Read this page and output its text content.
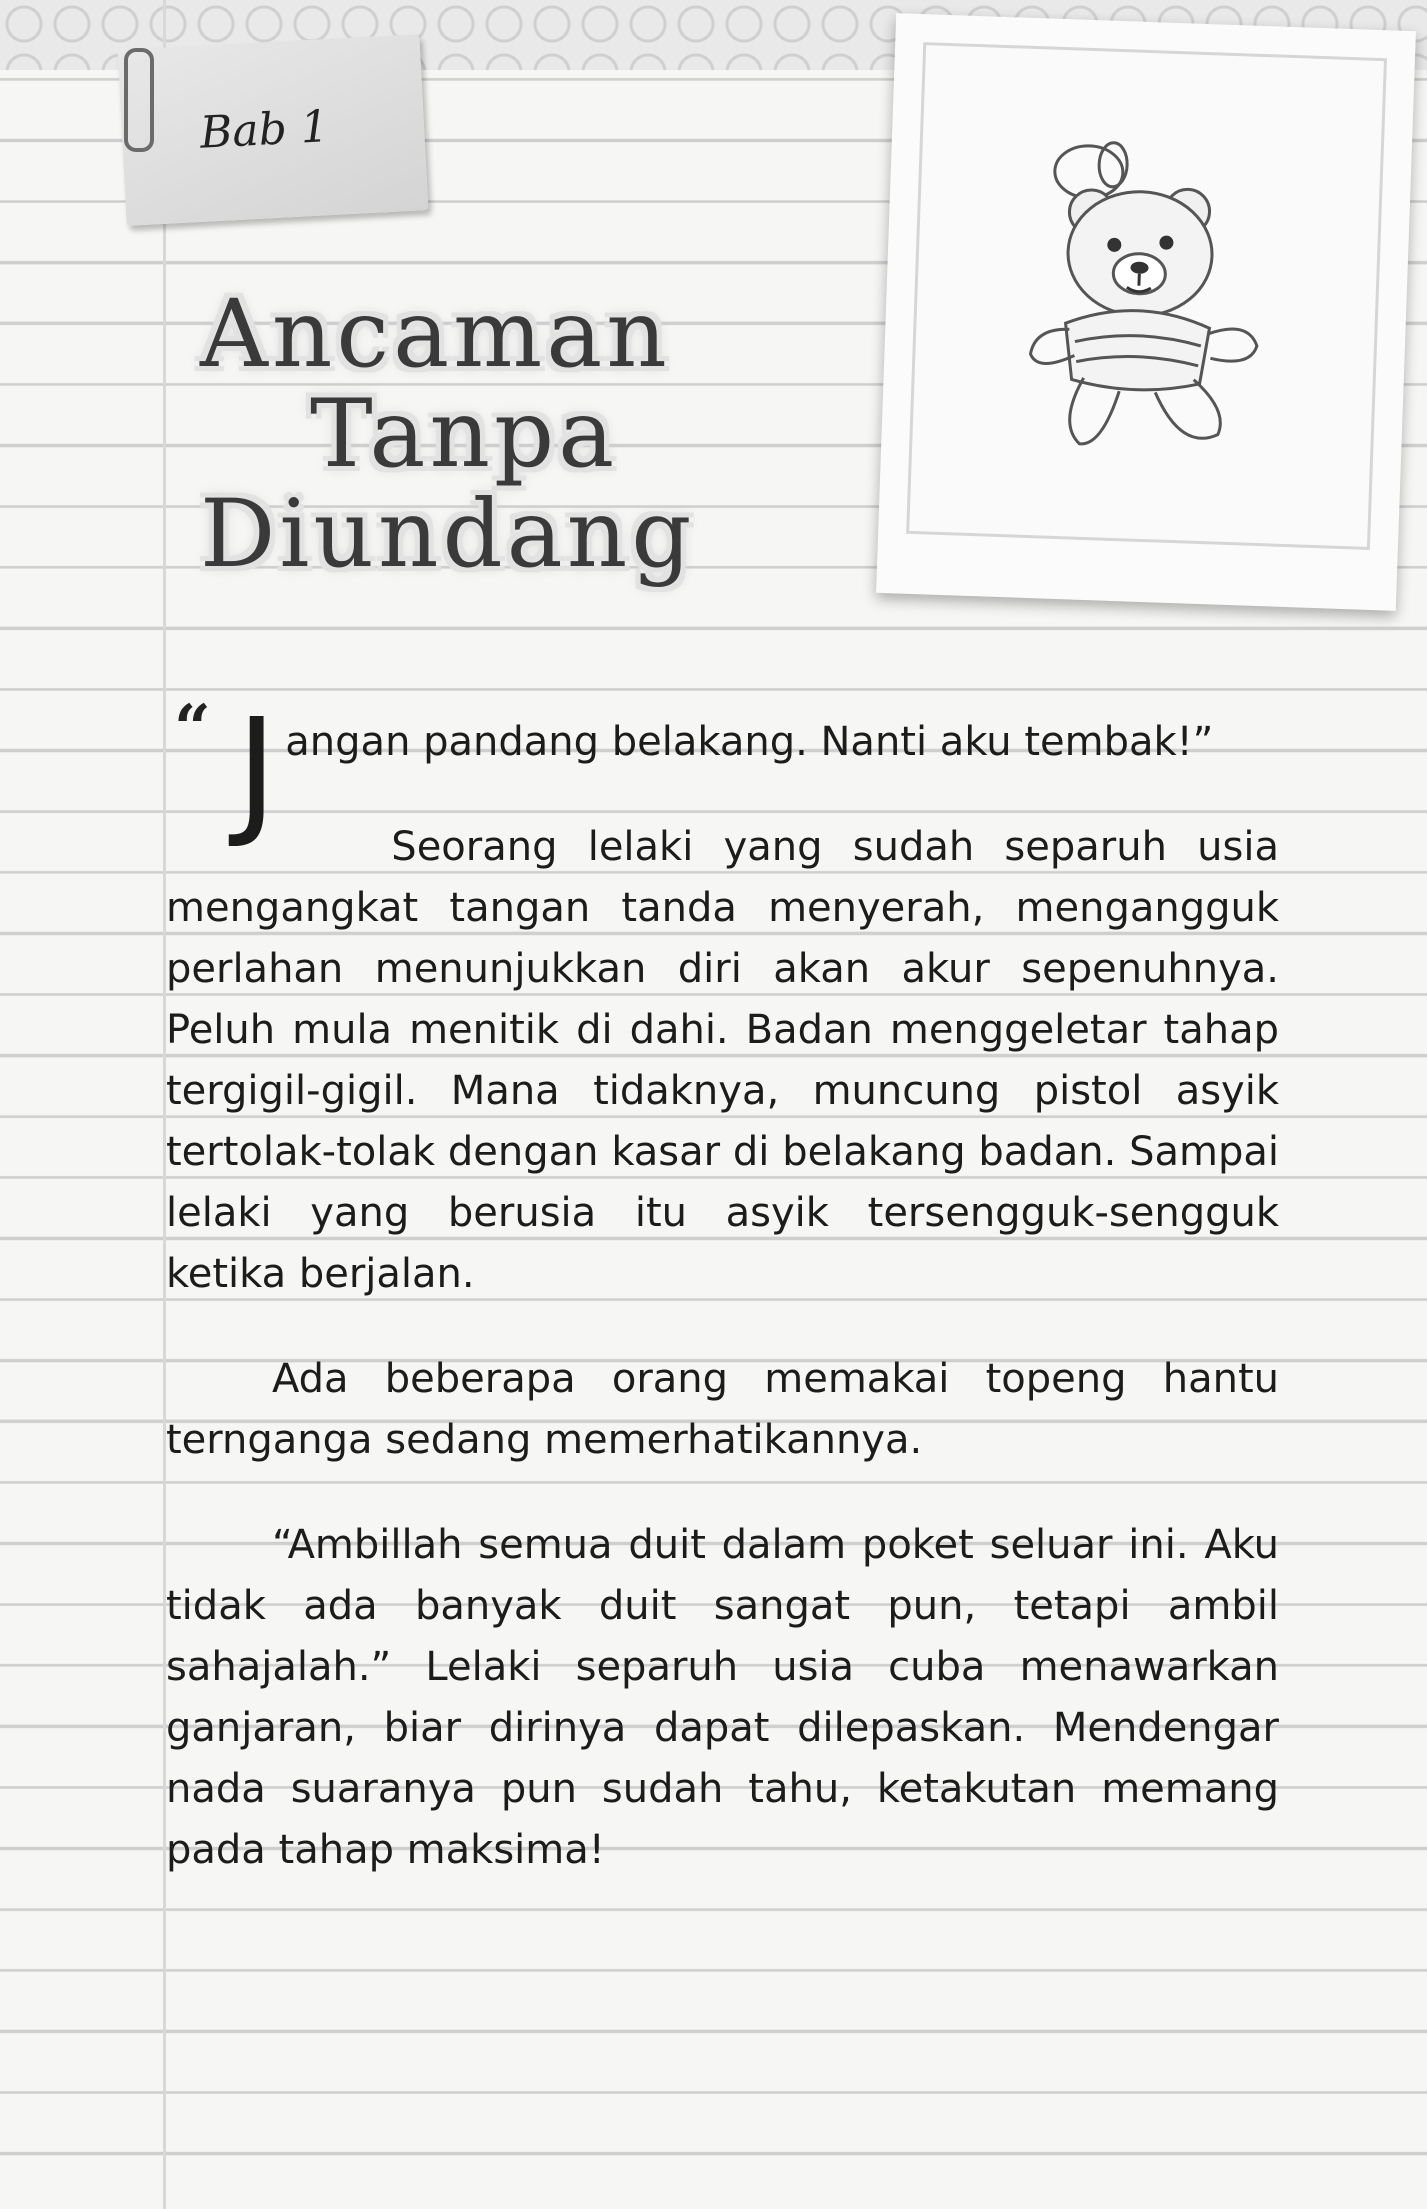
Bab 1
Ancaman
Tanpa
Diundang

“ J angan pandang belakang. Nanti aku tembak!”

Seorang lelaki yang sudah separuh usia mengangkat tangan tanda menyerah, mengangguk perlahan menunjukkan diri akan akur sepenuhnya. Peluh mula menitik di dahi. Badan menggeletar tahap tergigil-gigil. Mana tidaknya, muncung pistol asyik tertolak-tolak dengan kasar di belakang badan. Sampai lelaki yang berusia itu asyik tersengguk-sengguk ketika berjalan.

Ada beberapa orang memakai topeng hantu ternganga sedang memerhatikannya.

“Ambillah semua duit dalam poket seluar ini. Aku tidak ada banyak duit sangat pun, tetapi ambil sahajalah.” Lelaki separuh usia cuba menawarkan ganjaran, biar dirinya dapat dilepaskan. Mendengar nada suaranya pun sudah tahu, ketakutan memang pada tahap maksima!
